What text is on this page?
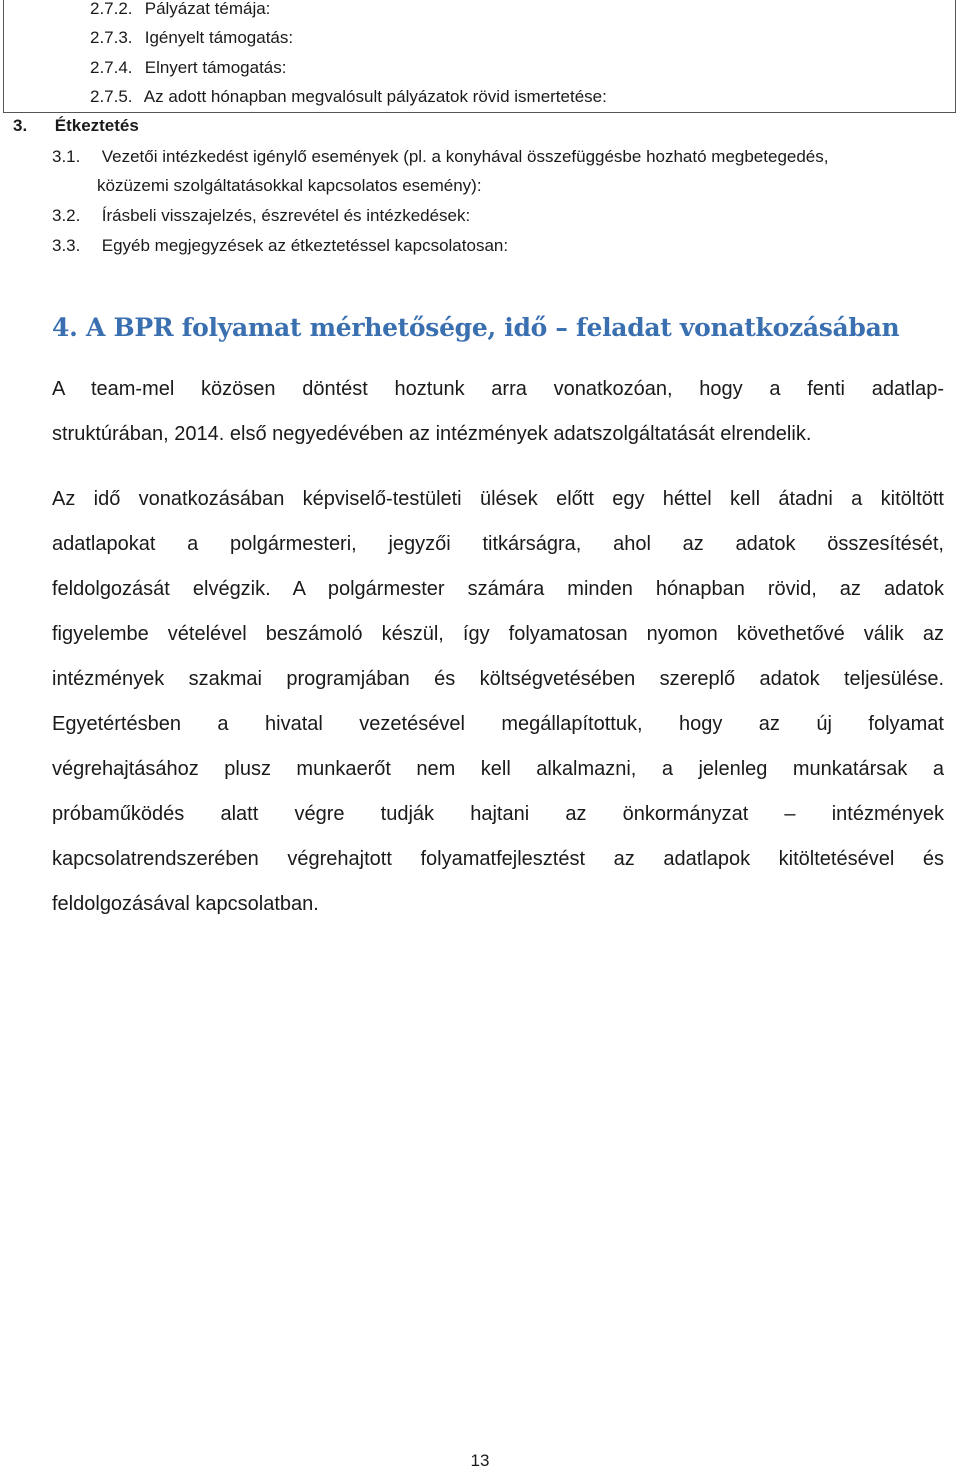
2.7.2. Pályázat témája:
2.7.3. Igényelt támogatás:
2.7.4. Elnyert támogatás:
2.7.5. Az adott hónapban megvalósult pályázatok rövid ismertetése:
3. Étkeztetés
3.1. Vezetői intézkedést igénylő események (pl. a konyhával összefüggésbe hozható megbetegedés,
közüzemi szolgáltatásokkal kapcsolatos esemény):
3.2. Írásbeli visszajelzés, észrevétel és intézkedések:
3.3. Egyéb megjegyzések az étkeztetéssel kapcsolatosan:
4. A BPR folyamat mérhetősége, idő – feladat vonatkozásában
A team-mel közösen döntést hoztunk arra vonatkozóan, hogy a fenti adatlap-
struktúrában, 2014. első negyedévében az intézmények adatszolgáltatását elrendelik.
Az idő vonatkozásában képviselő-testületi ülések előtt egy héttel kell átadni a kitöltött
adatlapokat a polgármesteri, jegyzői titkárságra, ahol az adatok összesítését,
feldolgozását elvégzik. A polgármester számára minden hónapban rövid, az adatok
figyelembe vételével beszámoló készül, így folyamatosan nyomon követhetővé válik az
intézmények szakmai programjában és költségvetésében szereplő adatok teljesülése.
Egyetértésben a hivatal vezetésével megállapítottuk, hogy az új folyamat
végrehajtásához plusz munkaerőt nem kell alkalmazni, a jelenleg munkatársak a
próbaműködés alatt végre tudják hajtani az önkormányzat – intézmények
kapcsolatrendszerében végrehajtott folyamatfejlesztést az adatlapok kitöltetésével és
feldolgozásával kapcsolatban.
13
